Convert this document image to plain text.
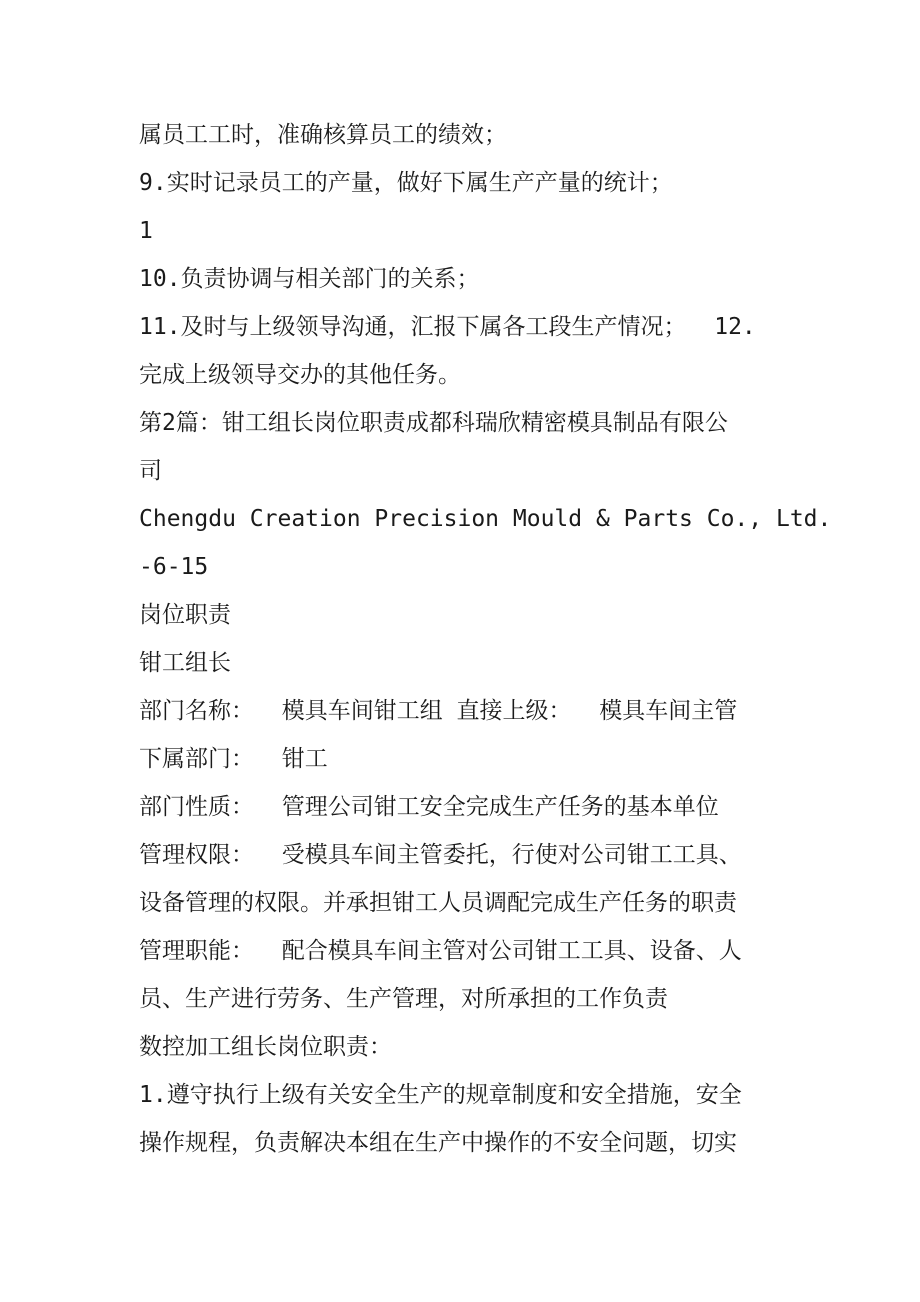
属员工工时，准确核算员工的绩效；
9.实时记录员工的产量，做好下属生产产量的统计；
1
10.负责协调与相关部门的关系；
11.及时与上级领导沟通，汇报下属各工段生产情况；  12.
完成上级领导交办的其他任务。
第2篇：钳工组长岗位职责成都科瑞欣精密模具制品有限公
司
Chengdu Creation Precision Mould & Parts Co., Ltd.
-6-15
岗位职责
钳工组长
部门名称：  模具车间钳工组 直接上级：  模具车间主管
下属部门：  钳工
部门性质：  管理公司钳工安全完成生产任务的基本单位
管理权限：  受模具车间主管委托，行使对公司钳工工具、
设备管理的权限。并承担钳工人员调配完成生产任务的职责
管理职能：  配合模具车间主管对公司钳工工具、设备、人
员、生产进行劳务、生产管理，对所承担的工作负责
数控加工组长岗位职责：
1.遵守执行上级有关安全生产的规章制度和安全措施，安全
操作规程，负责解决本组在生产中操作的不安全问题，切实
